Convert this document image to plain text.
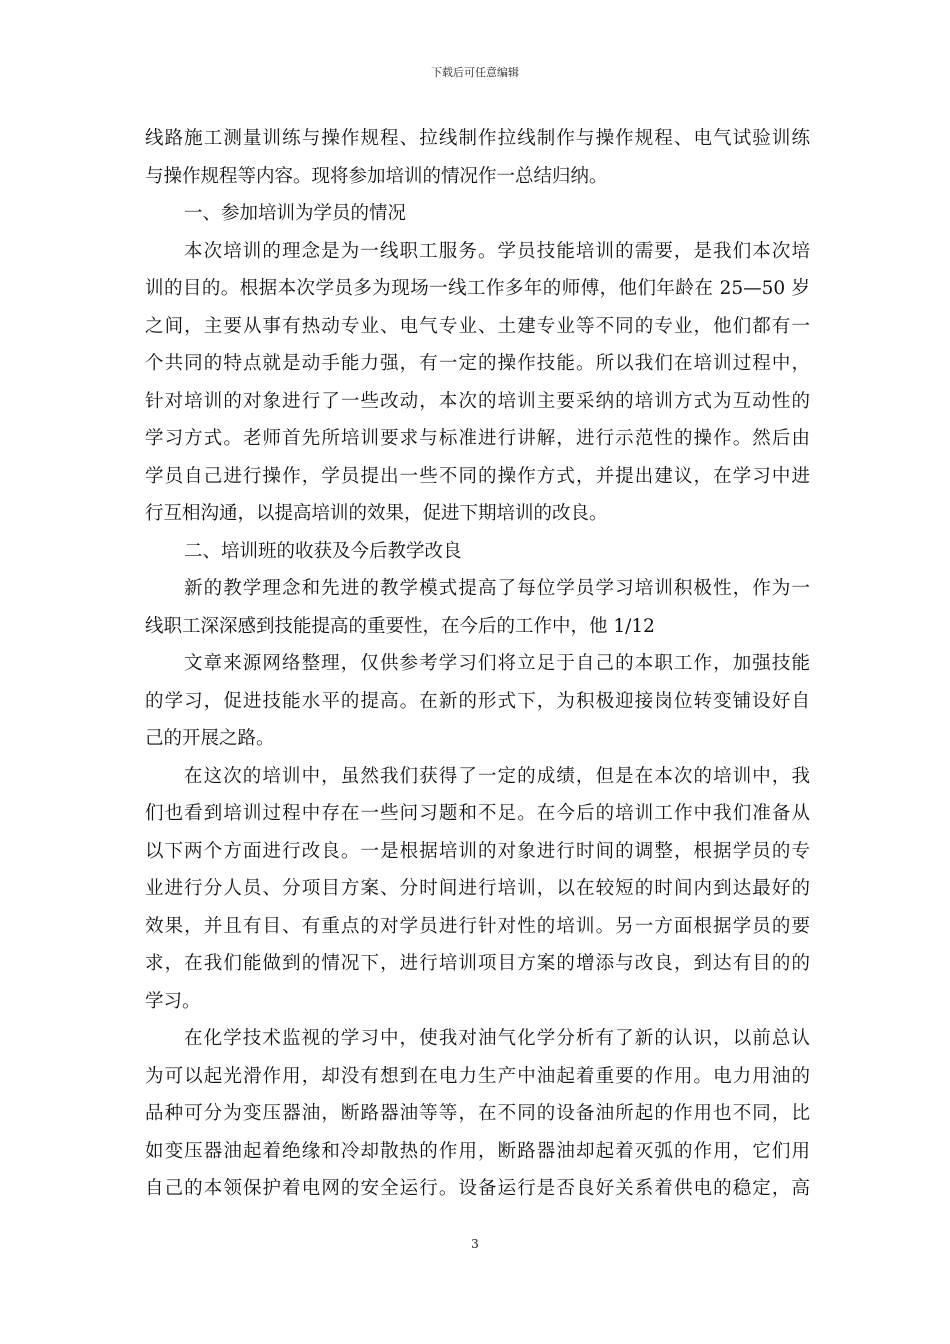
下载后可任意编辑
线路施工测量训练与操作规程、拉线制作拉线制作与操作规程、电气试验训练
与操作规程等内容。现将参加培训的情况作一总结归纳。
一、参加培训为学员的情况
本次培训的理念是为一线职工服务。学员技能培训的需要，是我们本次培
训的目的。根据本次学员多为现场一线工作多年的师傅，他们年龄在 25—50 岁
之间，主要从事有热动专业、电气专业、土建专业等不同的专业，他们都有一
个共同的特点就是动手能力强，有一定的操作技能。所以我们在培训过程中，
针对培训的对象进行了一些改动，本次的培训主要采纳的培训方式为互动性的
学习方式。老师首先所培训要求与标准进行讲解，进行示范性的操作。然后由
学员自己进行操作，学员提出一些不同的操作方式，并提出建议，在学习中进
行互相沟通，以提高培训的效果，促进下期培训的改良。
二、培训班的收获及今后教学改良
新的教学理念和先进的教学模式提高了每位学员学习培训积极性，作为一
线职工深深感到技能提高的重要性，在今后的工作中，他 1/12
文章来源网络整理，仅供参考学习们将立足于自己的本职工作，加强技能
的学习，促进技能水平的提高。在新的形式下，为积极迎接岗位转变铺设好自
己的开展之路。
在这次的培训中，虽然我们获得了一定的成绩，但是在本次的培训中，我
们也看到培训过程中存在一些问习题和不足。在今后的培训工作中我们准备从
以下两个方面进行改良。一是根据培训的对象进行时间的调整，根据学员的专
业进行分人员、分项目方案、分时间进行培训，以在较短的时间内到达最好的
效果，并且有目、有重点的对学员进行针对性的培训。另一方面根据学员的要
求，在我们能做到的情况下，进行培训项目方案的增添与改良，到达有目的的
学习。
在化学技术监视的学习中，使我对油气化学分析有了新的认识，以前总认
为可以起光滑作用，却没有想到在电力生产中油起着重要的作用。电力用油的
品种可分为变压器油，断路器油等等，在不同的设备油所起的作用也不同，比
如变压器油起着绝缘和冷却散热的作用，断路器油却起着灭弧的作用，它们用
自己的本领保护着电网的安全运行。设备运行是否良好关系着供电的稳定，高
3
